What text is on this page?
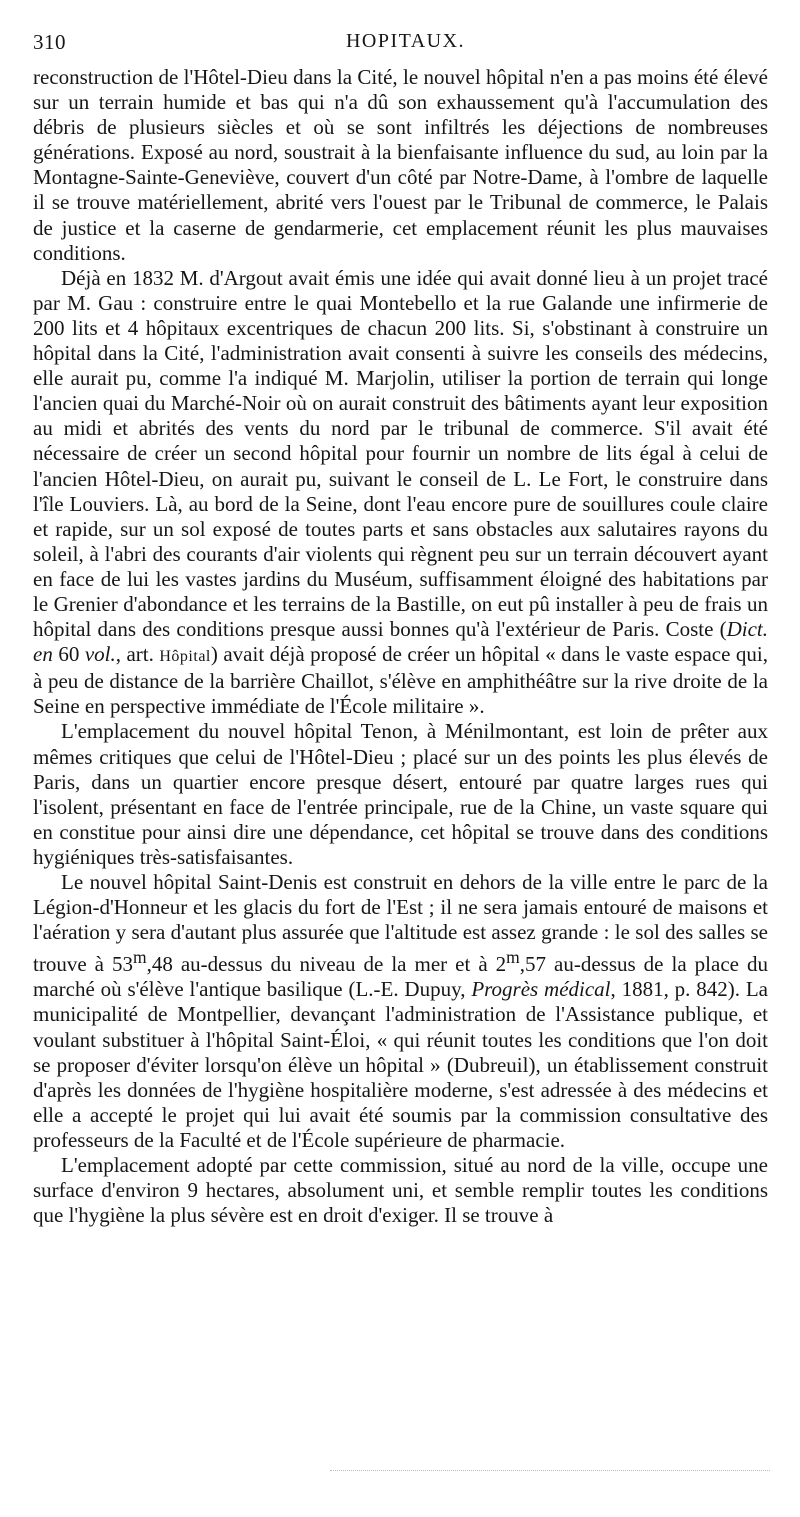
310	HOPITAUX.

reconstruction de l'Hôtel-Dieu dans la Cité, le nouvel hôpital n'en a pas moins été élevé sur un terrain humide et bas qui n'a dû son exhaussement qu'à l'accumulation des débris de plusieurs siècles et où se sont infiltrés les déjections de nombreuses générations. Exposé au nord, soustrait à la bienfaisante influence du sud, au loin par la Montagne-Sainte-Geneviève, couvert d'un côté par Notre-Dame, à l'ombre de laquelle il se trouve matériellement, abrité vers l'ouest par le Tribunal de commerce, le Palais de justice et la caserne de gendarmerie, cet emplacement réunit les plus mauvaises conditions.

Déjà en 1832 M. d'Argout avait émis une idée qui avait donné lieu à un projet tracé par M. Gau : construire entre le quai Montebello et la rue Galande une infirmerie de 200 lits et 4 hôpitaux excentriques de chacun 200 lits. Si, s'obstinant à construire un hôpital dans la Cité, l'administration avait consenti à suivre les conseils des médecins, elle aurait pu, comme l'a indiqué M. Marjolin, utiliser la portion de terrain qui longe l'ancien quai du Marché-Noir où on aurait construit des bâtiments ayant leur exposition au midi et abrités des vents du nord par le tribunal de commerce. S'il avait été nécessaire de créer un second hôpital pour fournir un nombre de lits égal à celui de l'ancien Hôtel-Dieu, on aurait pu, suivant le conseil de L. Le Fort, le construire dans l'île Louviers. Là, au bord de la Seine, dont l'eau encore pure de souillures coule claire et rapide, sur un sol exposé de toutes parts et sans obstacles aux salutaires rayons du soleil, à l'abri des courants d'air violents qui règnent peu sur un terrain découvert ayant en face de lui les vastes jardins du Muséum, suffisamment éloigné des habitations par le Grenier d'abondance et les terrains de la Bastille, on eut pû installer à peu de frais un hôpital dans des conditions presque aussi bonnes qu'à l'extérieur de Paris. Coste (Dict. en 60 vol., art. Hôpital) avait déjà proposé de créer un hôpital « dans le vaste espace qui, à peu de distance de la barrière Chaillot, s'élève en amphithéâtre sur la rive droite de la Seine en perspective immédiate de l'École militaire ».

L'emplacement du nouvel hôpital Tenon, à Ménilmontant, est loin de prêter aux mêmes critiques que celui de l'Hôtel-Dieu ; placé sur un des points les plus élevés de Paris, dans un quartier encore presque désert, entouré par quatre larges rues qui l'isolent, présentant en face de l'entrée principale, rue de la Chine, un vaste square qui en constitue pour ainsi dire une dépendance, cet hôpital se trouve dans des conditions hygiéniques très-satisfaisantes.

Le nouvel hôpital Saint-Denis est construit en dehors de la ville entre le parc de la Légion-d'Honneur et les glacis du fort de l'Est ; il ne sera jamais entouré de maisons et l'aération y sera d'autant plus assurée que l'altitude est assez grande : le sol des salles se trouve à 53$^m$,48 au-dessus du niveau de la mer et à 2$^m$,57 au-dessus de la place du marché où s'élève l'antique basilique (L.-E. Dupuy, Progrès médical, 1881, p. 842). La municipalité de Montpellier, devançant l'administration de l'Assistance publique, et voulant substituer à l'hôpital Saint-Éloi, « qui réunit toutes les conditions que l'on doit se proposer d'éviter lorsqu'on élève un hôpital » (Dubreuil), un établissement construit d'après les données de l'hygiène hospitalière moderne, s'est adressée à des médecins et elle a accepté le projet qui lui avait été soumis par la commission consultative des professeurs de la Faculté et de l'École supérieure de pharmacie.

L'emplacement adopté par cette commission, situé au nord de la ville, occupe une surface d'environ 9 hectares, absolument uni, et semble remplir toutes les conditions que l'hygiène la plus sévère est en droit d'exiger. Il se trouve à
